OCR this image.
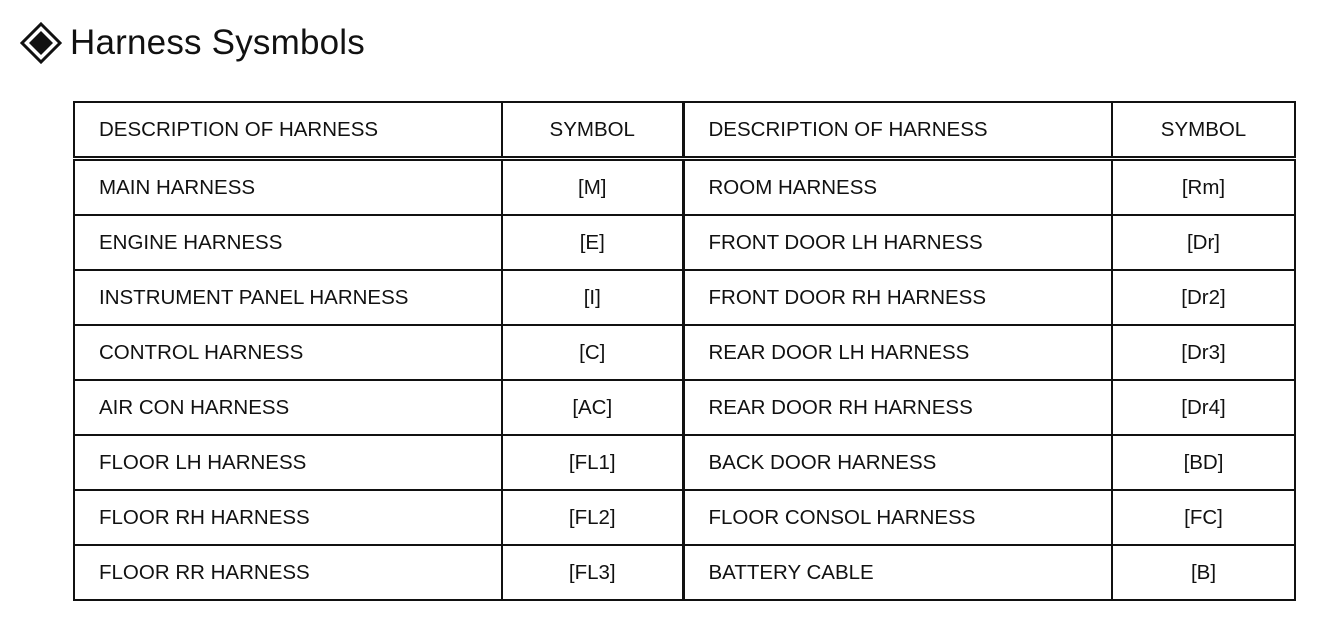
Harness Sysmbols
DESCRIPTION OF HARNESS	SYMBOL	DESCRIPTION OF HARNESS	SYMBOL
MAIN HARNESS	[M]	ROOM HARNESS	[Rm]
ENGINE HARNESS	[E]	FRONT DOOR LH HARNESS	[Dr]
INSTRUMENT PANEL HARNESS	[I]	FRONT DOOR RH HARNESS	[Dr2]
CONTROL HARNESS	[C]	REAR DOOR LH HARNESS	[Dr3]
AIR CON HARNESS	[AC]	REAR DOOR RH HARNESS	[Dr4]
FLOOR LH HARNESS	[FL1]	BACK DOOR HARNESS	[BD]
FLOOR RH HARNESS	[FL2]	FLOOR CONSOL HARNESS	[FC]
FLOOR RR HARNESS	[FL3]	BATTERY CABLE	[B]
